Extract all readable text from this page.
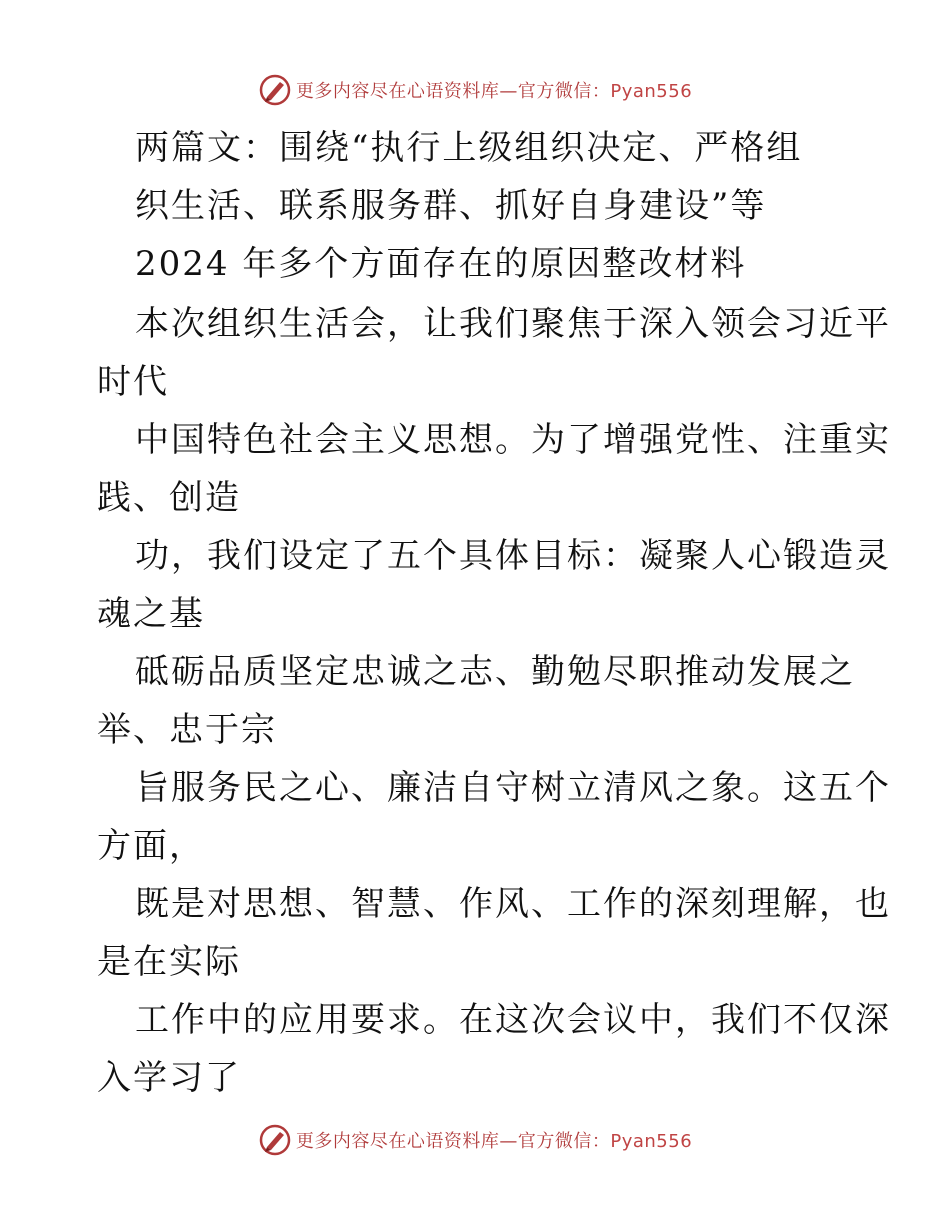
更多内容尽在心语资料库—官方微信：Pyan556
两篇文：围绕“执行上级组织决定、严格组
织生活、联系服务群、抓好自身建设”等
2024 年多个方面存在的原因整改材料
本次组织生活会，让我们聚焦于深入领会习近平
时代
中国特色社会主义思想。为了增强党性、注重实
践、创造
功，我们设定了五个具体目标：凝聚人心锻造灵
魂之基
砥砺品质坚定忠诚之志、勤勉尽职推动发展之
举、忠于宗
旨服务民之心、廉洁自守树立清风之象。这五个
方面，
既是对思想、智慧、作风、工作的深刻理解，也
是在实际
工作中的应用要求。在这次会议中，我们不仅深
入学习了
更多内容尽在心语资料库—官方微信：Pyan556
